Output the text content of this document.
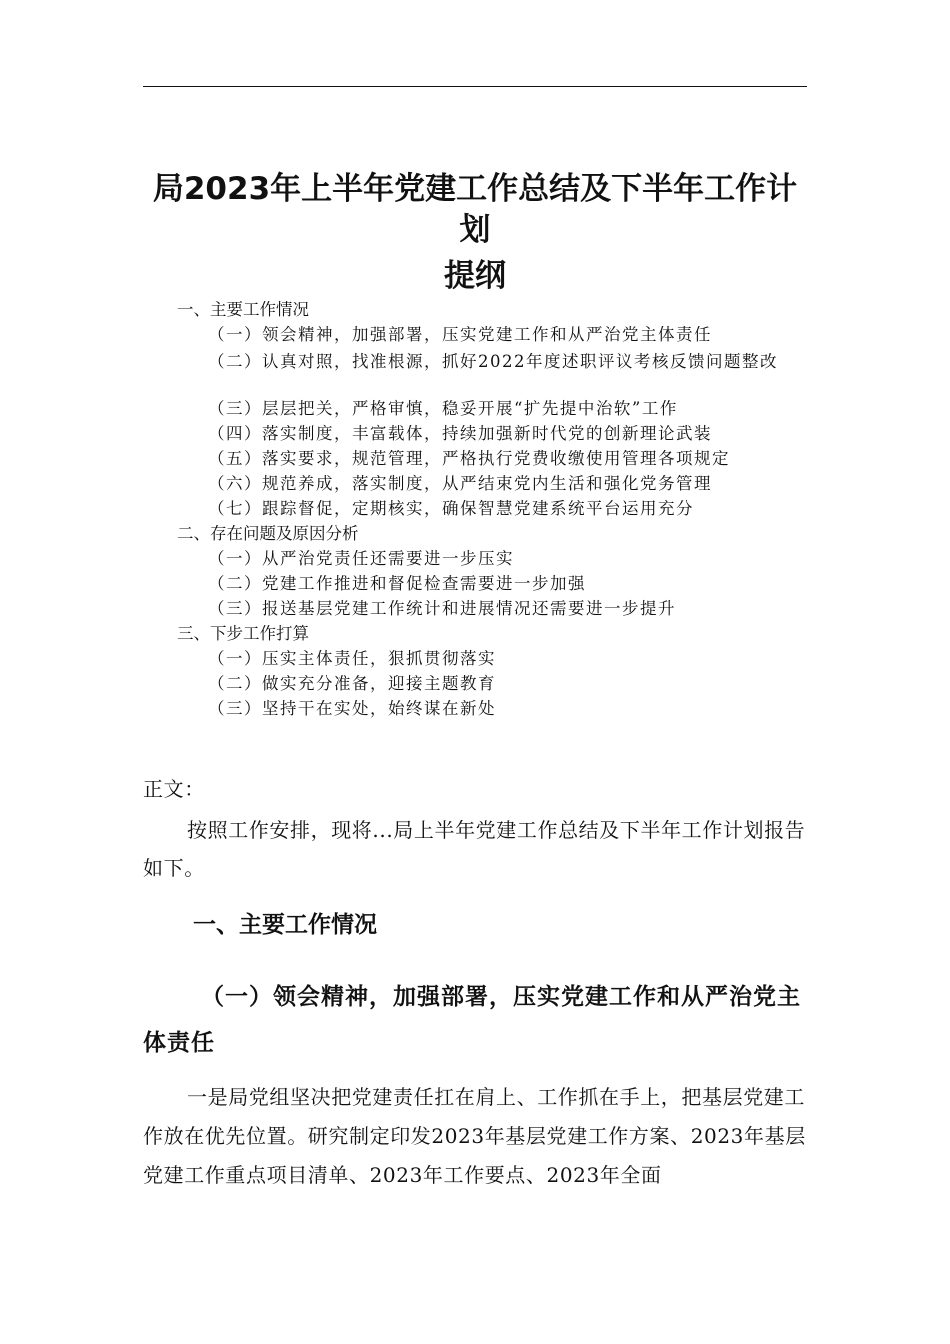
局2023年上半年党建工作总结及下半年工作计
划
提纲
一、主要工作情况
（一）领会精神，加强部署，压实党建工作和从严治党主体责任
（二）认真对照，找准根源，抓好2022年度述职评议考核反馈问题整改
（三）层层把关，严格审慎，稳妥开展“扩先提中治软”工作
（四）落实制度，丰富载体，持续加强新时代党的创新理论武装
（五）落实要求，规范管理，严格执行党费收缴使用管理各项规定
（六）规范养成，落实制度，从严结束党内生活和强化党务管理
（七）跟踪督促，定期核实，确保智慧党建系统平台运用充分
二、存在问题及原因分析
（一）从严治党责任还需要进一步压实
（二）党建工作推进和督促检查需要进一步加强
（三）报送基层党建工作统计和进展情况还需要进一步提升
三、下步工作打算
（一）压实主体责任，狠抓贯彻落实
（二）做实充分准备，迎接主题教育
（三）坚持干在实处，始终谋在新处
正文：
按照工作安排，现将...局上半年党建工作总结及下半年工作计划报告如下。
一、主要工作情况
（一）领会精神，加强部署，压实党建工作和从严治党主体责任
一是局党组坚决把党建责任扛在肩上、工作抓在手上，把基层党建工作放在优先位置。研究制定印发2023年基层党建工作方案、2023年基层党建工作重点项目清单、2023年工作要点、2023年全面
